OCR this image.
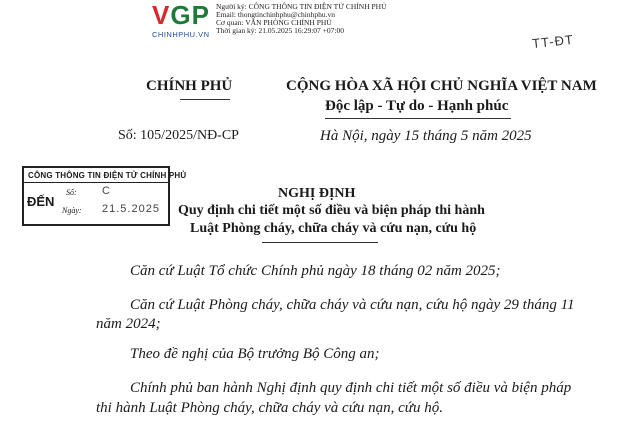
VGP
CHINHPHU.VN
Người ký: CÔNG THÔNG TIN ĐIỆN TỬ CHÍNH PHỦ
Email: thongtinchinhphu@chinhphu.vn
Cơ quan: VĂN PHÒNG CHÍNH PHỦ
Thời gian ký: 21.05.2025 16:29:07 +07:00
TT-ĐT
CHÍNH PHỦ	CỘNG HÒA XÃ HỘI CHỦ NGHĨA VIỆT NAM
Độc lập - Tự do - Hạnh phúc
Số: 105/2025/NĐ-CP	Hà Nội, ngày 15 tháng 5 năm 2025
CÔNG THÔNG TIN ĐIỆN TỬ CHÍNH PHỦ
ĐẾN
Số: C
Ngày: 21.5.2025
NGHỊ ĐỊNH
Quy định chi tiết một số điều và biện pháp thi hành
Luật Phòng cháy, chữa cháy và cứu nạn, cứu hộ
Căn cứ Luật Tổ chức Chính phủ ngày 18 tháng 02 năm 2025;
Căn cứ Luật Phòng cháy, chữa cháy và cứu nạn, cứu hộ ngày 29 tháng 11
năm 2024;
Theo đề nghị của Bộ trưởng Bộ Công an;
Chính phủ ban hành Nghị định quy định chi tiết một số điều và biện pháp
thi hành Luật Phòng cháy, chữa cháy và cứu nạn, cứu hộ.
